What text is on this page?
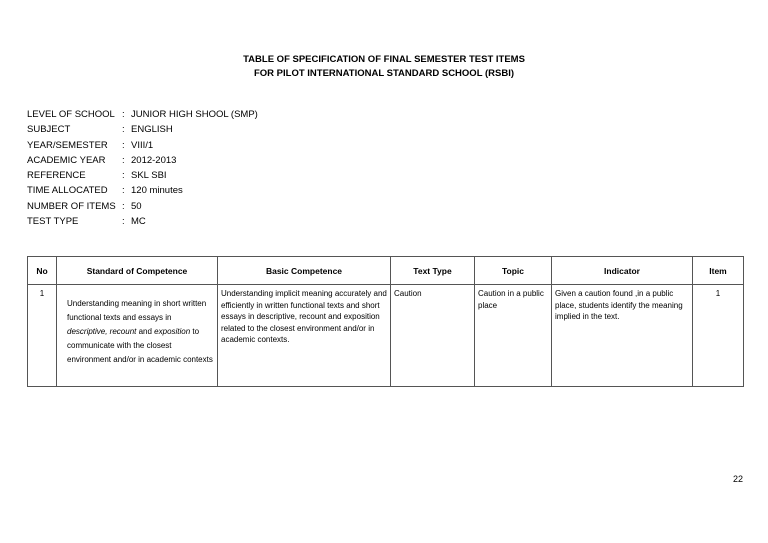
TABLE OF SPECIFICATION OF FINAL SEMESTER TEST ITEMS
FOR PILOT INTERNATIONAL STANDARD SCHOOL (RSBI)
LEVEL OF SCHOOL : JUNIOR HIGH SHOOL (SMP)
SUBJECT	: ENGLISH
YEAR/SEMESTER	: VIII/1
ACADEMIC YEAR	: 2012-2013
REFERENCE	: SKL SBI
TIME ALLOCATED	: 120 minutes
NUMBER OF ITEMS : 50
TEST TYPE	: MC
No	Standard of Competence	Basic Competence	Text Type	Topic	Indicator	Item
1	Understanding meaning in short written functional texts and essays in descriptive, recount and exposition to communicate with the closest environment and/or in academic contexts	Understanding implicit meaning accurately and efficiently in written functional texts and short essays in descriptive, recount and exposition related to the closest environment and/or in academic contexts.	Caution	Caution in a public place	Given a caution found ,in a public place, students identify the meaning implied in the text.	1
22
